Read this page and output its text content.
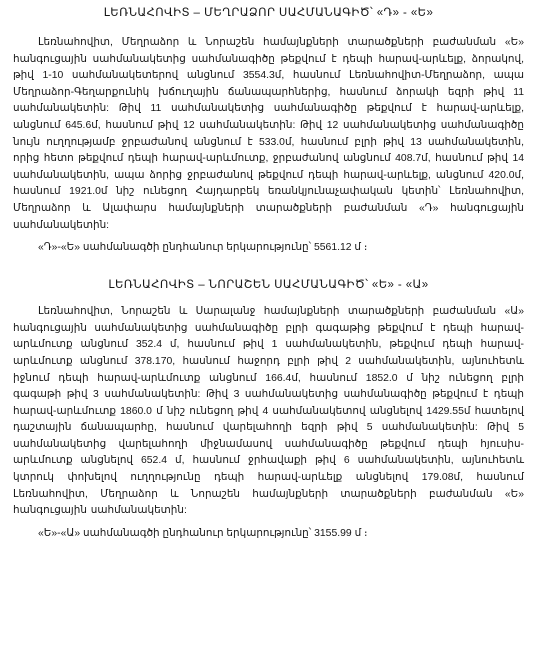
ԼԵՌՆԱՀՈՎԻՏ – ՄԵՂՐԱՁՈՐ ՍԱՀՄԱՆԱԳԻԾ՝ «Դ» - «Ե»

Լեռնահովիտ, Մեղրաձոր և Նորաշեն համայնքների տարածքների բաժանման «Ե» հանգուցային սահմանակետից սահմանագիծը թեքվում է դեպի հարավ-արևելք, ձորակով, թիվ 1-10 սահմանակետերով անցնում 3554.3մ, հասնում Լեռնահովիտ-Մեղրաձոր, ապա Մեղրաձոր-Գեղարքունիկ խճուղային ճանապարհներից, հասնում ձորակի եզրի թիվ 11 սահմանակետին: Թիվ 11 սահմանակետից սահմանագիծը թեքվում է հարավ-արևելք, անցնում 645.6մ, հասնում թիվ 12 սահմանակետին: Թիվ 12 սահմանակետից սահմանագիծը նույն ուղղությամբ ջրբաժանով անցնում է 533.0մ, հասնում բլրի թիվ 13 սահմանակետին, որից հետո թեքվում դեպի հարավ-արևմուտք, ջրբաժանով անցնում 408.7մ, հասնում թիվ 14 սահմանակետին, ապա ձորից ջրբաժանով թեքվում դեպի հարավ-արևելք, անցնում 420.0մ, հասնում 1921.0մ նիշ ունեցող Հայդարբեկ եռանկյունաչափական կետին՝ Լեռնահովիտ, Մեղրաձոր և Ալափարս համայնքների տարածքների բաժանման «Դ» հանգուցային սահմանակետին:

«Դ»-«Ե» սահմանագծի ընդհանուր երկարությունը՝ 5561.12 մ ։

ԼԵՌՆԱՀՈՎԻՏ – ՆՈՐԱՇԵՆ ՍԱՀՄԱՆԱԳԻԾ՝ «Ե» - «Ա»

Լեռնահովիտ, Նորաշեն և Սարալանջ համայնքների տարածքների բաժանման «Ա» հանգուցային սահմանակետից սահմանագիծը բլրի գագաթից թեքվում է դեպի հարավ-արևմուտք անցնում 352.4 մ, հասնում թիվ 1 սահմանակետին, թեքվում դեպի հարավ-արևմուտք անցնում 378.170, հասնում հաջորդ բլրի թիվ 2 սահմանակետին, այնուհետև իջնում դեպի հարավ-արևմուտք անցնում 166.4մ, հասնում 1852.0 մ նիշ ունեցող բլրի գագաթի թիվ 3 սահմանակետին: Թիվ 3 սահմանակետից սահմանագիծը թեքվում է դեպի հարավ-արևմուտք 1860.0 մ նիշ ունեցող թիվ 4 սահմանակետով անցնելով 1429.55մ հատելով դաշտային ճանապարհը, հասնում վարելահողի եզրի թիվ 5 սահմանակետին: Թիվ 5 սահմանակետից վարելահողի միջնամասով սահմանագիծը թեքվում դեպի հյուսիս-արևմուտք անցնելով 652.4 մ, հասնում ջրհավաքի թիվ 6 սահմանակետին, այնուհետև կտրուկ փոխելով ուղղությունը դեպի հարավ-արևելք անցնելով 179.08մ, հասնում Լեռնահովիտ, Մեղրաձոր և Նորաշեն համայնքների տարածքների բաժանման «Ե» հանգուցային սահմանակետին:

«Ե»-«Ա» սահմանագծի ընդհանուր երկարությունը՝ 3155.99 մ ։
